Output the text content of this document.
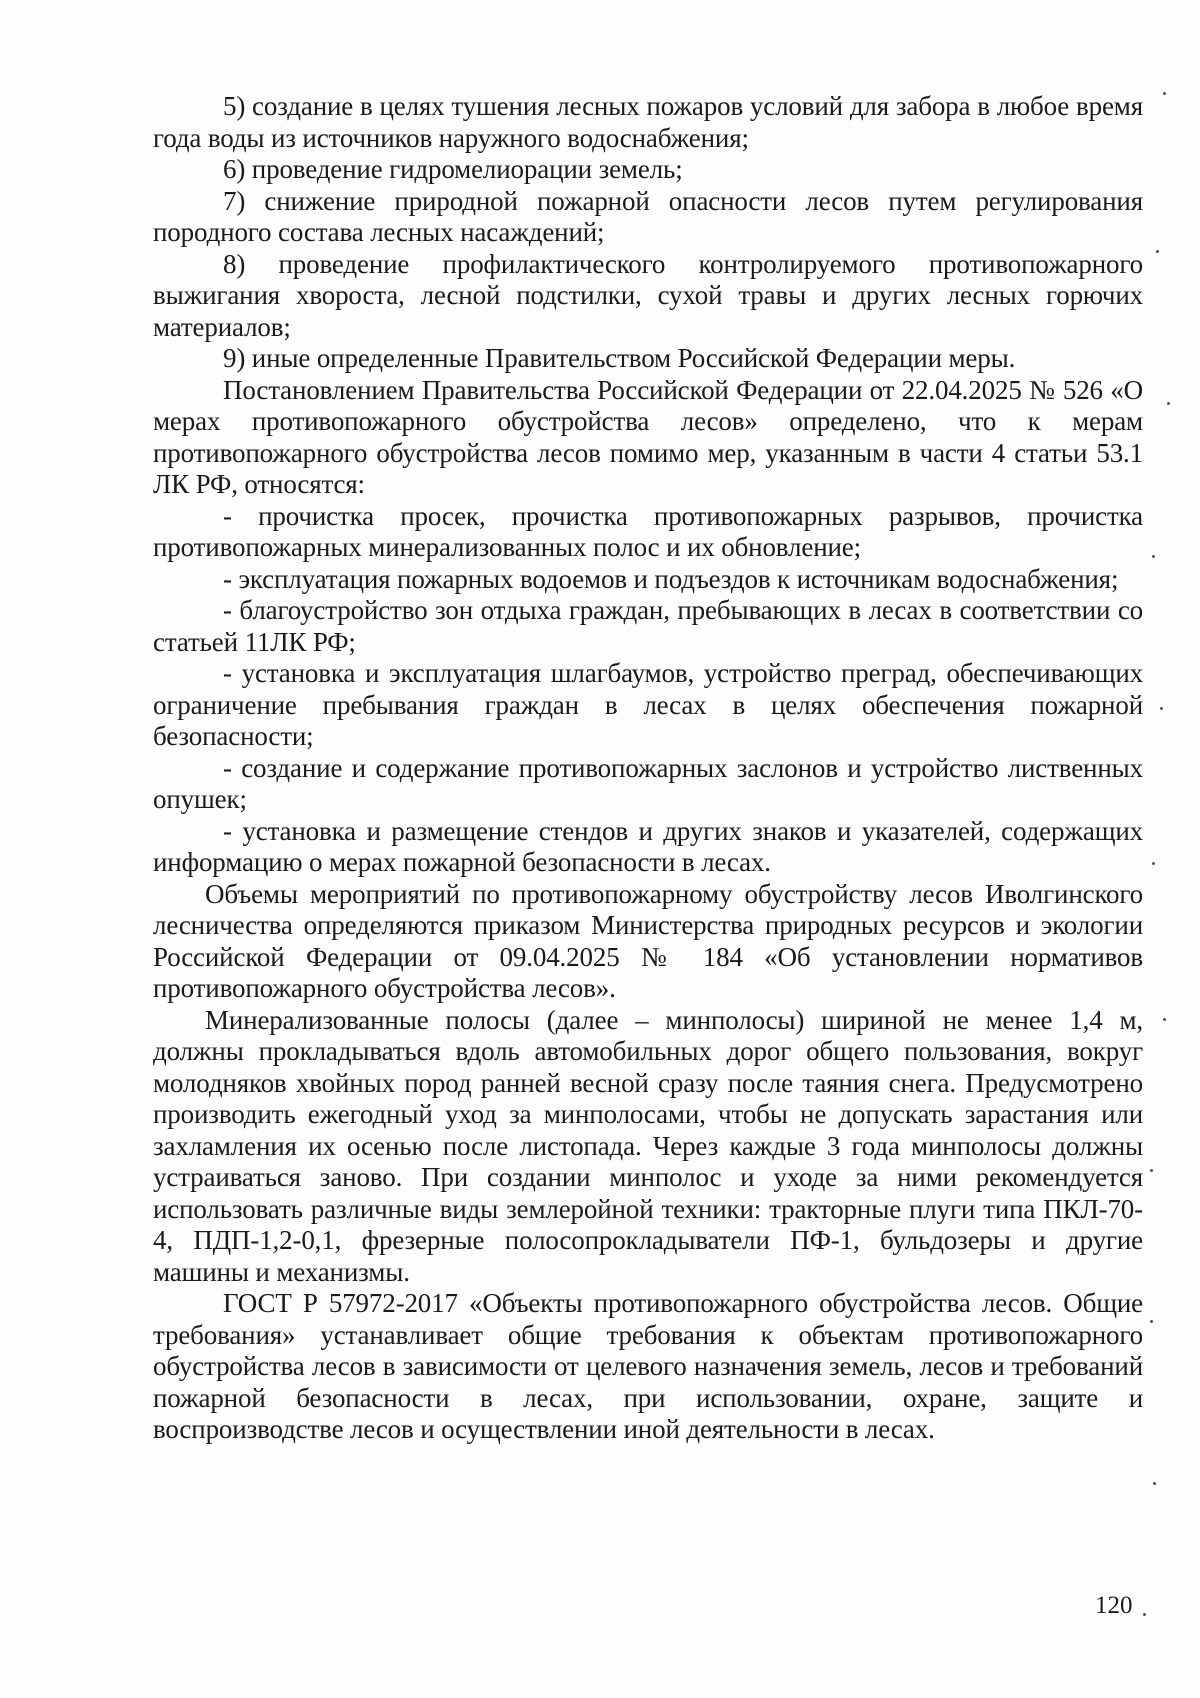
5) создание в целях тушения лесных пожаров условий для забора в любое время года воды из источников наружного водоснабжения;

6) проведение гидромелиорации земель;

7) снижение природной пожарной опасности лесов путем регулирования породного состава лесных насаждений;

8) проведение профилактического контролируемого противопожарного выжигания хвороста, лесной подстилки, сухой травы и других лесных горючих материалов;

9) иные определенные Правительством Российской Федерации меры.

Постановлением Правительства Российской Федерации от 22.04.2025 № 526 «О мерах противопожарного обустройства лесов» определено, что к мерам противопожарного обустройства лесов помимо мер, указанным в части 4 статьи 53.1 ЛК РФ, относятся:

- прочистка просек, прочистка противопожарных разрывов, прочистка противопожарных минерализованных полос и их обновление;

- эксплуатация пожарных водоемов и подъездов к источникам водоснабжения;

- благоустройство зон отдыха граждан, пребывающих в лесах в соответствии со статьей 11ЛК РФ;

- установка и эксплуатация шлагбаумов, устройство преград, обеспечивающих ограничение пребывания граждан в лесах в целях обеспечения пожарной безопасности;

- создание и содержание противопожарных заслонов и устройство лиственных опушек;

- установка и размещение стендов и других знаков и указателей, содержащих информацию о мерах пожарной безопасности в лесах.

Объемы мероприятий по противопожарному обустройству лесов Иволгинского лесничества определяются приказом Министерства природных ресурсов и экологии Российской Федерации от 09.04.2025 № 184 «Об установлении нормативов противопожарного обустройства лесов».

Минерализованные полосы (далее – минполосы) шириной не менее 1,4 м, должны прокладываться вдоль автомобильных дорог общего пользования, вокруг молодняков хвойных пород ранней весной сразу после таяния снега. Предусмотрено производить ежегодный уход за минполосами, чтобы не допускать зарастания или захламления их осенью после листопада. Через каждые 3 года минполосы должны устраиваться заново. При создании минполос и уходе за ними рекомендуется использовать различные виды землеройной техники: тракторные плуги типа ПКЛ-70-4, ПДП-1,2-0,1, фрезерные полосопрокладыватели ПФ-1, бульдозеры и другие машины и механизмы.

ГОСТ Р 57972-2017 «Объекты противопожарного обустройства лесов. Общие требования» устанавливает общие требования к объектам противопожарного обустройства лесов в зависимости от целевого назначения земель, лесов и требований пожарной безопасности в лесах, при использовании, охране, защите и воспроизводстве лесов и осуществлении иной деятельности в лесах.

120
